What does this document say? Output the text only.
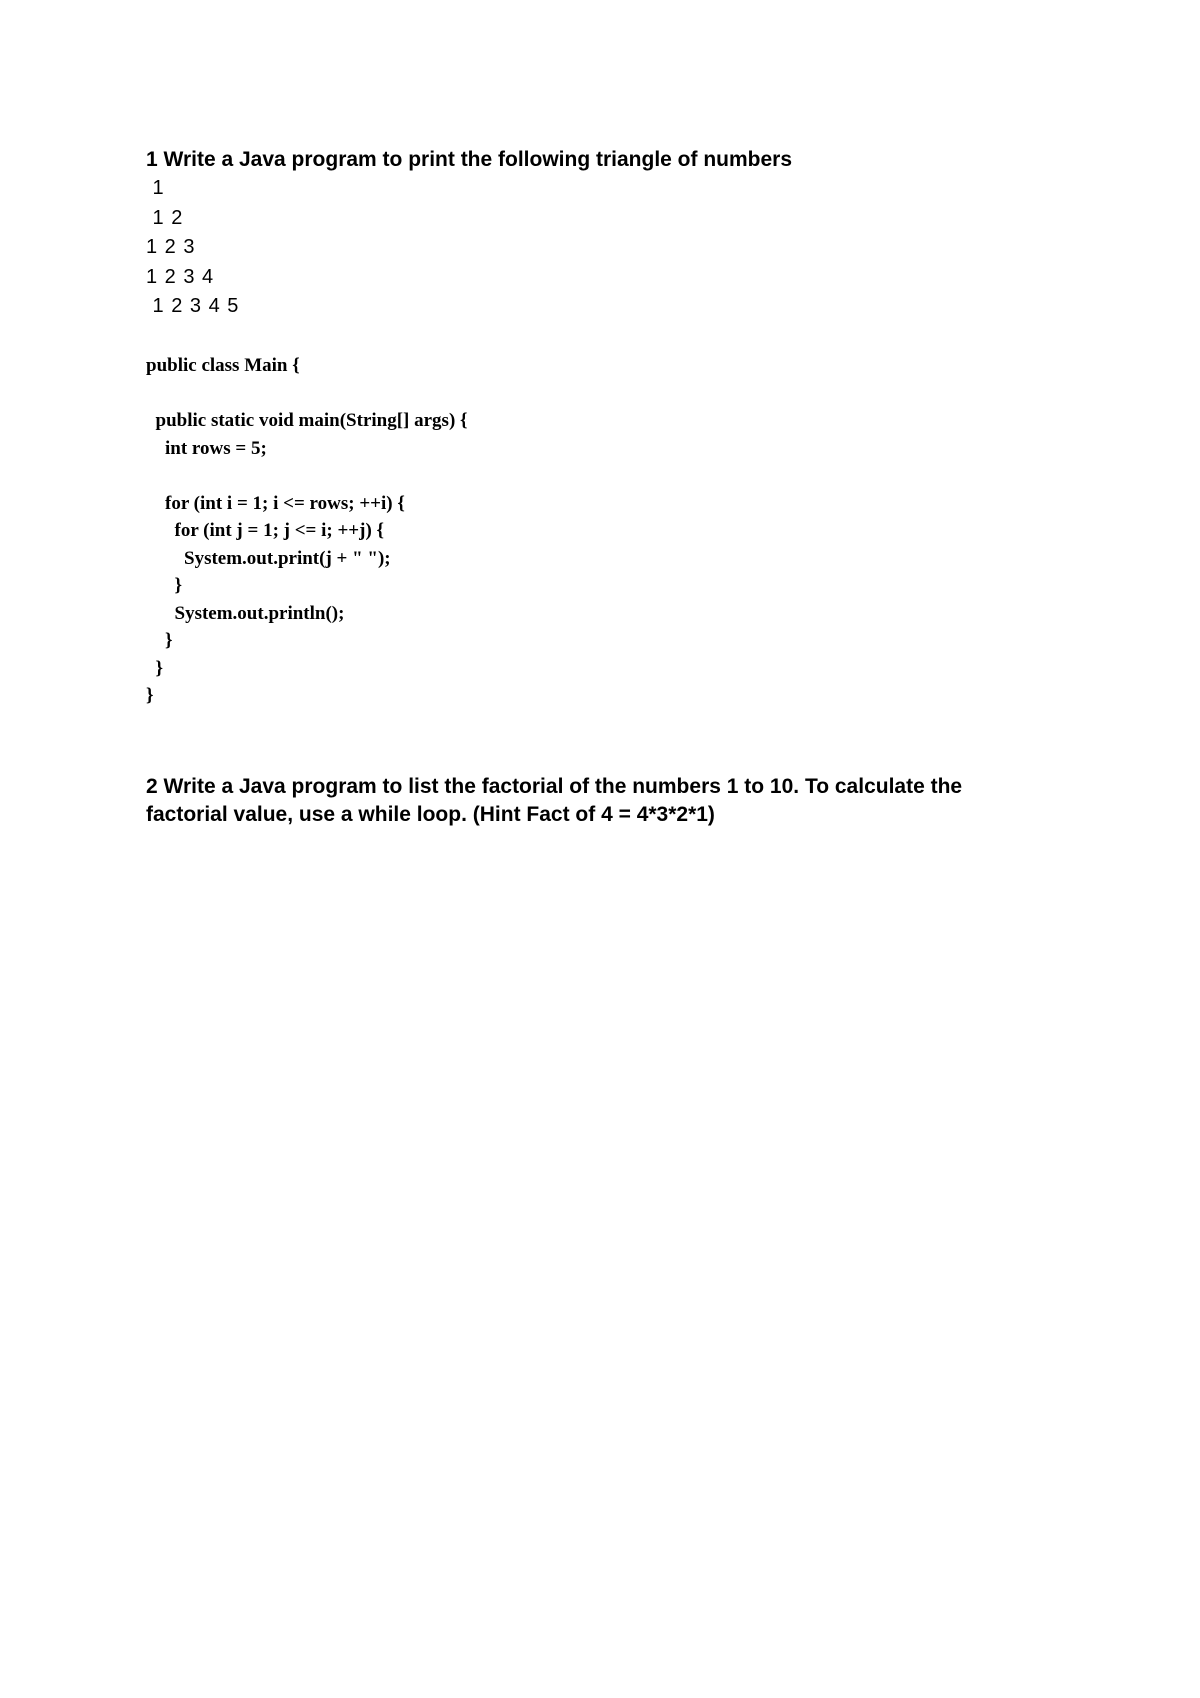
1 Write a Java program to print the following triangle of numbers

1
1 2
1 2 3
1 2 3 4
1 2 3 4 5
public class Main {
public static void main(String[] args) {
int rows = 5;
for (int i = 1; i <= rows; ++i) {
for (int j = 1; j <= i; ++j) {
System.out.print(j + " ");
}
System.out.println();
}
}
}

2 Write a Java program to list the factorial of the numbers 1 to 10. To calculate the factorial value, use a while loop. (Hint Fact of 4 = 4*3*2*1)
